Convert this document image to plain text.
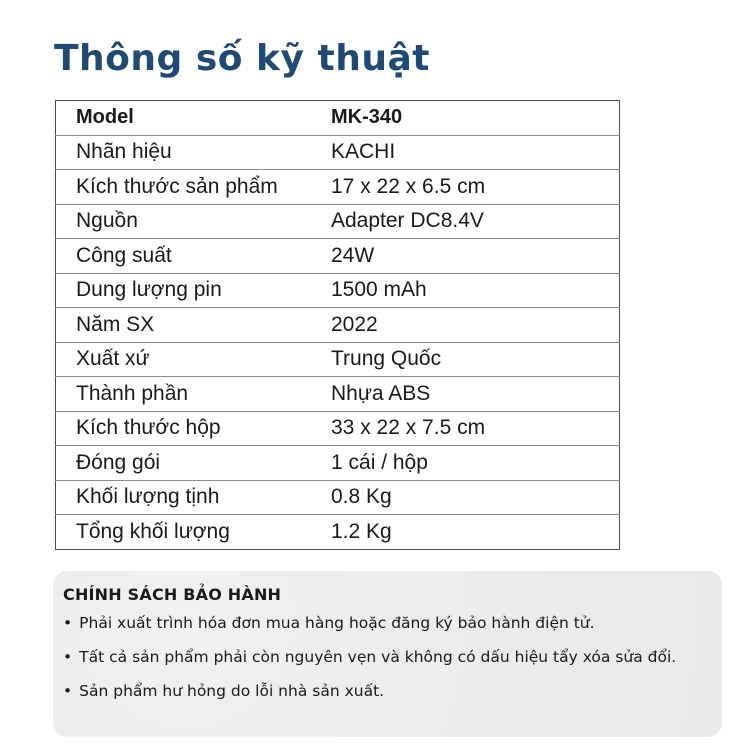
Thông số kỹ thuật
Model	MK-340
Nhãn hiệu	KACHI
Kích thước sản phẩm	17 x 22 x 6.5 cm
Nguồn	Adapter DC8.4V
Công suất	24W
Dung lượng pin	1500 mAh
Năm SX	2022
Xuất xứ	Trung Quốc
Thành phần	Nhựa ABS
Kích thước hộp	33 x 22 x 7.5 cm
Đóng gói	1 cái / hộp
Khối lượng tịnh	0.8 Kg
Tổng khối lượng	1.2 Kg
CHÍNH SÁCH BẢO HÀNH
• Phải xuất trình hóa đơn mua hàng hoặc đăng ký bảo hành điện tử.
• Tất cả sản phẩm phải còn nguyên vẹn và không có dấu hiệu tẩy xóa sửa đổi.
• Sản phẩm hư hỏng do lỗi nhà sản xuất.
